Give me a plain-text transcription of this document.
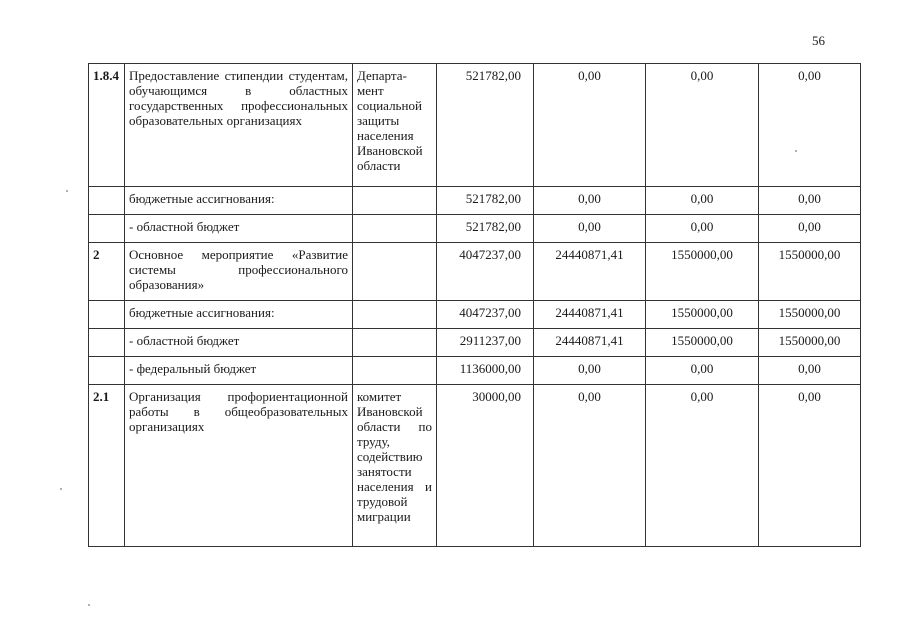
56
1.8.4	Предоставление стипендии студентам, обучающимся в областных государственных профессиональных образовательных организациях	Департа- мент социальной защиты населения Ивановской области	521782,00	0,00	0,00	0,00
	бюджетные ассигнования:		521782,00	0,00	0,00	0,00
	- областной бюджет		521782,00	0,00	0,00	0,00
2	Основное мероприятие «Развитие системы профессионального образования»		4047237,00	24440871,41	1550000,00	1550000,00
	бюджетные ассигнования:		4047237,00	24440871,41	1550000,00	1550000,00
	- областной бюджет		2911237,00	24440871,41	1550000,00	1550000,00
	- федеральный бюджет		1136000,00	0,00	0,00	0,00
2.1	Организация профориентационной работы в общеобразовательных организациях	комитет Ивановской области по труду, содействию занятости населения и трудовой миграции	30000,00	0,00	0,00	0,00
